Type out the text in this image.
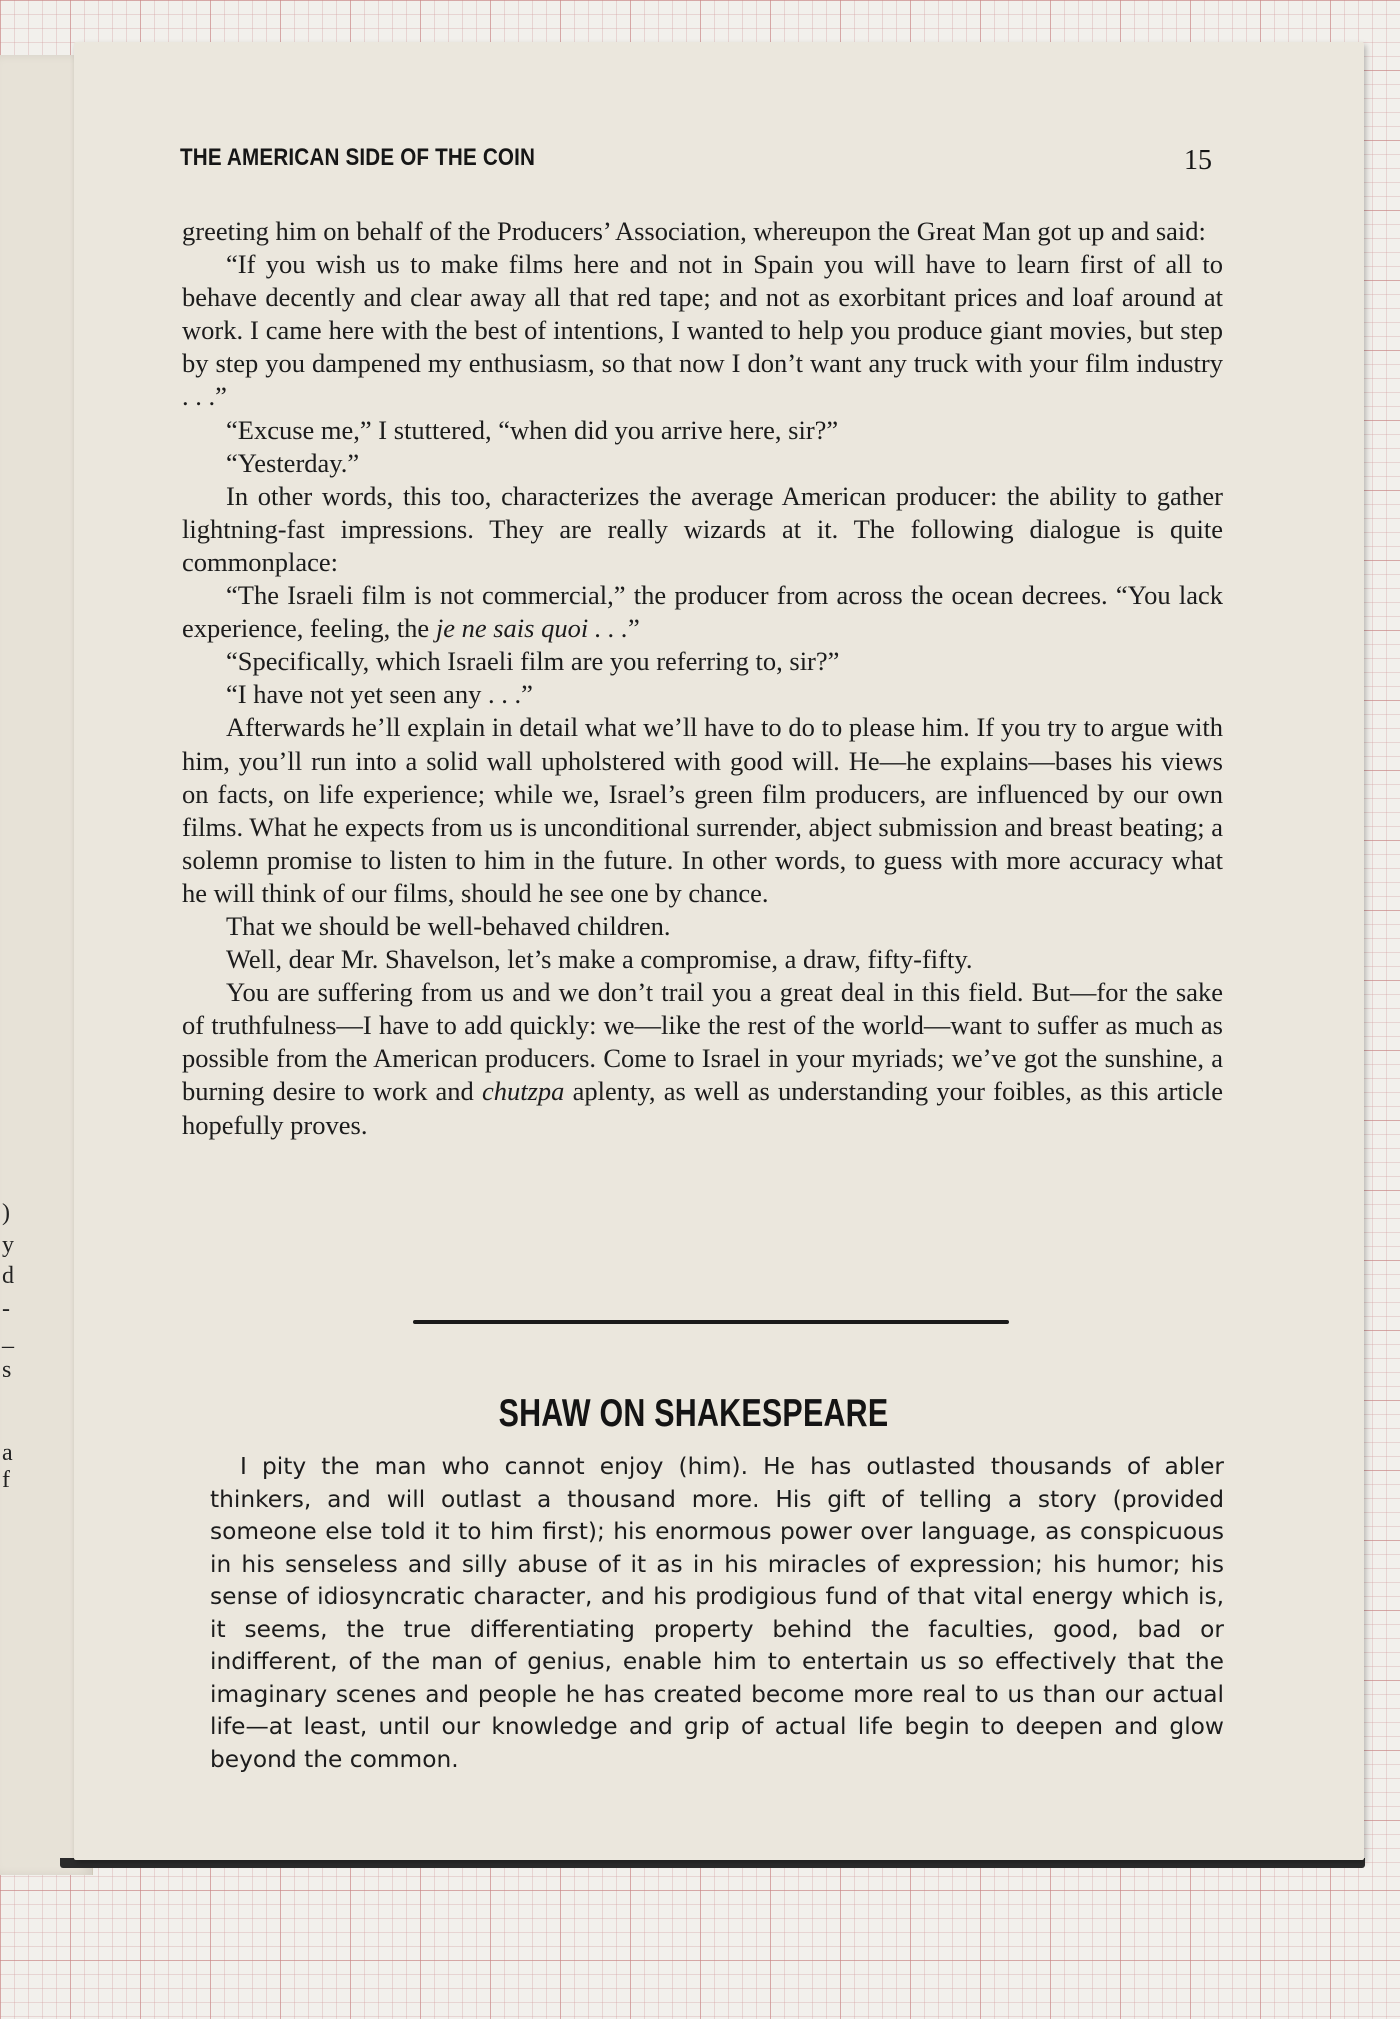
)
y
d
-
_
s
a
f
THE AMERICAN SIDE OF THE COIN	15

greeting him on behalf of the Producers’ Association, whereupon the Great Man got up and said:

“If you wish us to make films here and not in Spain you will have to learn first of all to behave decently and clear away all that red tape; and not as exorbitant prices and loaf around at work. I came here with the best of intentions, I wanted to help you produce giant movies, but step by step you dampened my enthusiasm, so that now I don’t want any truck with your film industry . . .”

“Excuse me,” I stuttered, “when did you arrive here, sir?”

“Yesterday.”

In other words, this too, characterizes the average American producer: the ability to gather lightning-fast impressions. They are really wizards at it. The following dialogue is quite commonplace:

“The Israeli film is not commercial,” the producer from across the ocean decrees. “You lack experience, feeling, the je ne sais quoi . . .”

“Specifically, which Israeli film are you referring to, sir?”

“I have not yet seen any . . .”

Afterwards he’ll explain in detail what we’ll have to do to please him. If you try to argue with him, you’ll run into a solid wall upholstered with good will. He—he explains—bases his views on facts, on life experience; while we, Israel’s green film producers, are influenced by our own films. What he expects from us is unconditional surrender, abject submission and breast beating; a solemn promise to listen to him in the future. In other words, to guess with more accuracy what he will think of our films, should he see one by chance.

That we should be well-behaved children.

Well, dear Mr. Shavelson, let’s make a compromise, a draw, fifty-fifty.

You are suffering from us and we don’t trail you a great deal in this field. But—for the sake of truthfulness—I have to add quickly: we—like the rest of the world—want to suffer as much as possible from the American producers. Come to Israel in your myriads; we’ve got the sunshine, a burning desire to work and chutzpa aplenty, as well as understanding your foibles, as this article hopefully proves.

SHAW ON SHAKESPEARE

I pity the man who cannot enjoy (him). He has outlasted thousands of abler thinkers, and will outlast a thousand more. His gift of telling a story (provided someone else told it to him first); his enormous power over language, as conspicuous in his senseless and silly abuse of it as in his miracles of expression; his humor; his sense of idiosyncratic character, and his prodigious fund of that vital energy which is, it seems, the true differentiating property behind the faculties, good, bad or indifferent, of the man of genius, enable him to entertain us so effectively that the imaginary scenes and people he has created become more real to us than our actual life—at least, until our knowledge and grip of actual life begin to deepen and glow beyond the common.
